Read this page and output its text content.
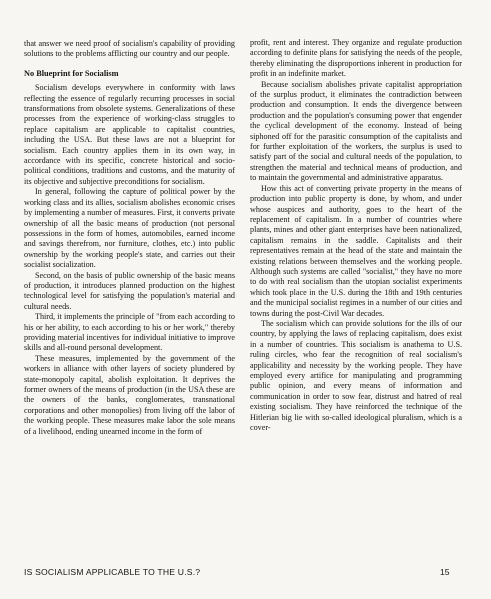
that answer we need proof of socialism's capability of providing solutions to the problems afflicting our country and our people.

No Blueprint for Socialism

Socialism develops everywhere in conformity with laws reflecting the essence of regularly recurring processes in social transformations from obsolete systems. Generalizations of these processes from the experience of working-class struggles to replace capitalism are applicable to capitalist countries, including the USA. But these laws are not a blueprint for socialism. Each country applies them in its own way, in accordance with its specific, concrete historical and socio-political conditions, traditions and customs, and the maturity of its objective and subjective preconditions for socialism.

In general, following the capture of political power by the working class and its allies, socialism abolishes economic crises by implementing a number of measures. First, it converts private ownership of all the basic means of production (not personal possessions in the form of homes, automobiles, earned income and savings therefrom, nor furniture, clothes, etc.) into public ownership by the working people's state, and carries out their socialist socialization.

Second, on the basis of public ownership of the basic means of production, it introduces planned production on the highest technological level for satisfying the population's material and cultural needs.

Third, it implements the principle of "from each according to his or her ability, to each according to his or her work," thereby providing material incentives for individual initiative to improve skills and all-round personal development.

These measures, implemented by the government of the workers in alliance with other layers of society plundered by state-monopoly capital, abolish exploitation. It deprives the former owners of the means of production (in the USA these are the owners of the banks, conglomerates, transnational corporations and other monopolies) from living off the labor of the working people. These measures make labor the sole means of a livelihood, ending unearned income in the form of

profit, rent and interest. They organize and regulate production according to definite plans for satisfying the needs of the people, thereby eliminating the disproportions inherent in production for profit in an indefinite market.

Because socialism abolishes private capitalist appropriation of the surplus product, it eliminates the contradiction between production and consumption. It ends the divergence between production and the population's consuming power that engender the cyclical development of the economy. Instead of being siphoned off for the parasitic consumption of the capitalists and for further exploitation of the workers, the surplus is used to satisfy part of the social and cultural needs of the population, to strengthen the material and technical means of production, and to maintain the governmental and administrative apparatus.

How this act of converting private property in the means of production into public property is done, by whom, and under whose auspices and authority, goes to the heart of the replacement of capitalism. In a number of countries where plants, mines and other giant enterprises have been nationalized, capitalism remains in the saddle. Capitalists and their representatives remain at the head of the state and maintain the existing relations between themselves and the working people. Although such systems are called "socialist," they have no more to do with real socialism than the utopian socialist experiments which took place in the U.S. during the 18th and 19th centuries and the municipal socialist regimes in a number of our cities and towns during the post-Civil War decades.

The socialism which can provide solutions for the ills of our country, by applying the laws of replacing capitalism, does exist in a number of countries. This socialism is anathema to U.S. ruling circles, who fear the recognition of real socialism's applicability and necessity by the working people. They have employed every artifice for manipulating and programming public opinion, and every means of information and communication in order to sow fear, distrust and hatred of real existing socialism. They have reinforced the technique of the Hitlerian big lie with so-called ideological pluralism, which is a cover-

IS SOCIALISM APPLICABLE TO THE U.S.?	15
